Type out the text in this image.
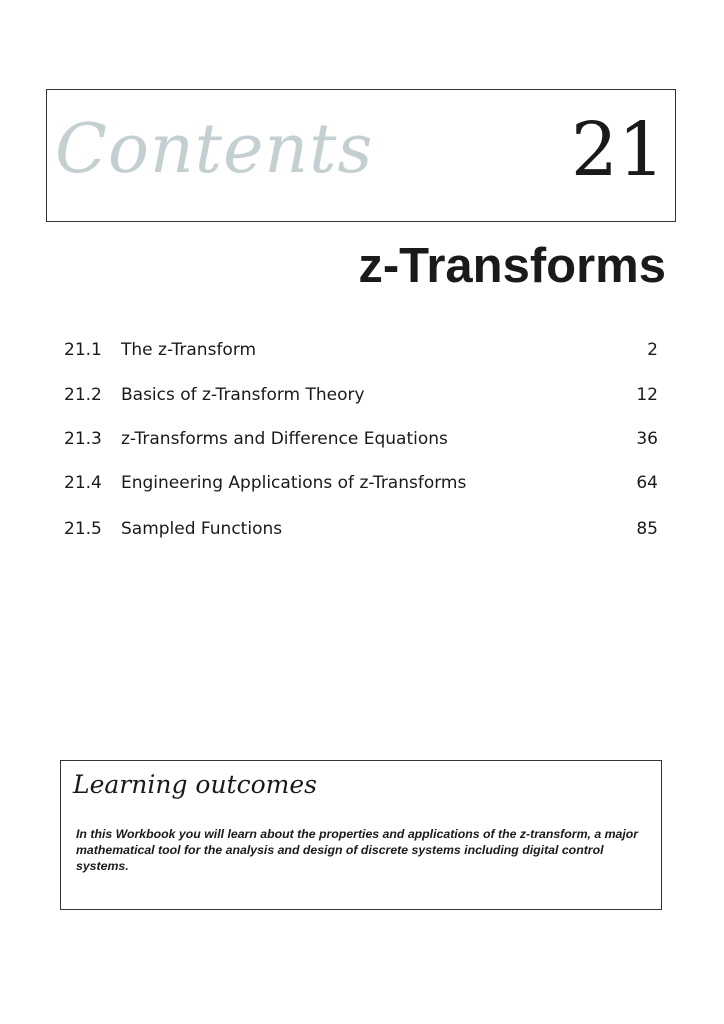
Contents	21
z-Transforms
21.1 The z-Transform	2
21.2 Basics of z-Transform Theory	12
21.3 z-Transforms and Difference Equations	36
21.4 Engineering Applications of z-Transforms	64
21.5 Sampled Functions	85
Learning outcomes
In this Workbook you will learn about the properties and applications of the z-transform, a major mathematical tool for the analysis and design of discrete systems including digital control systems.
